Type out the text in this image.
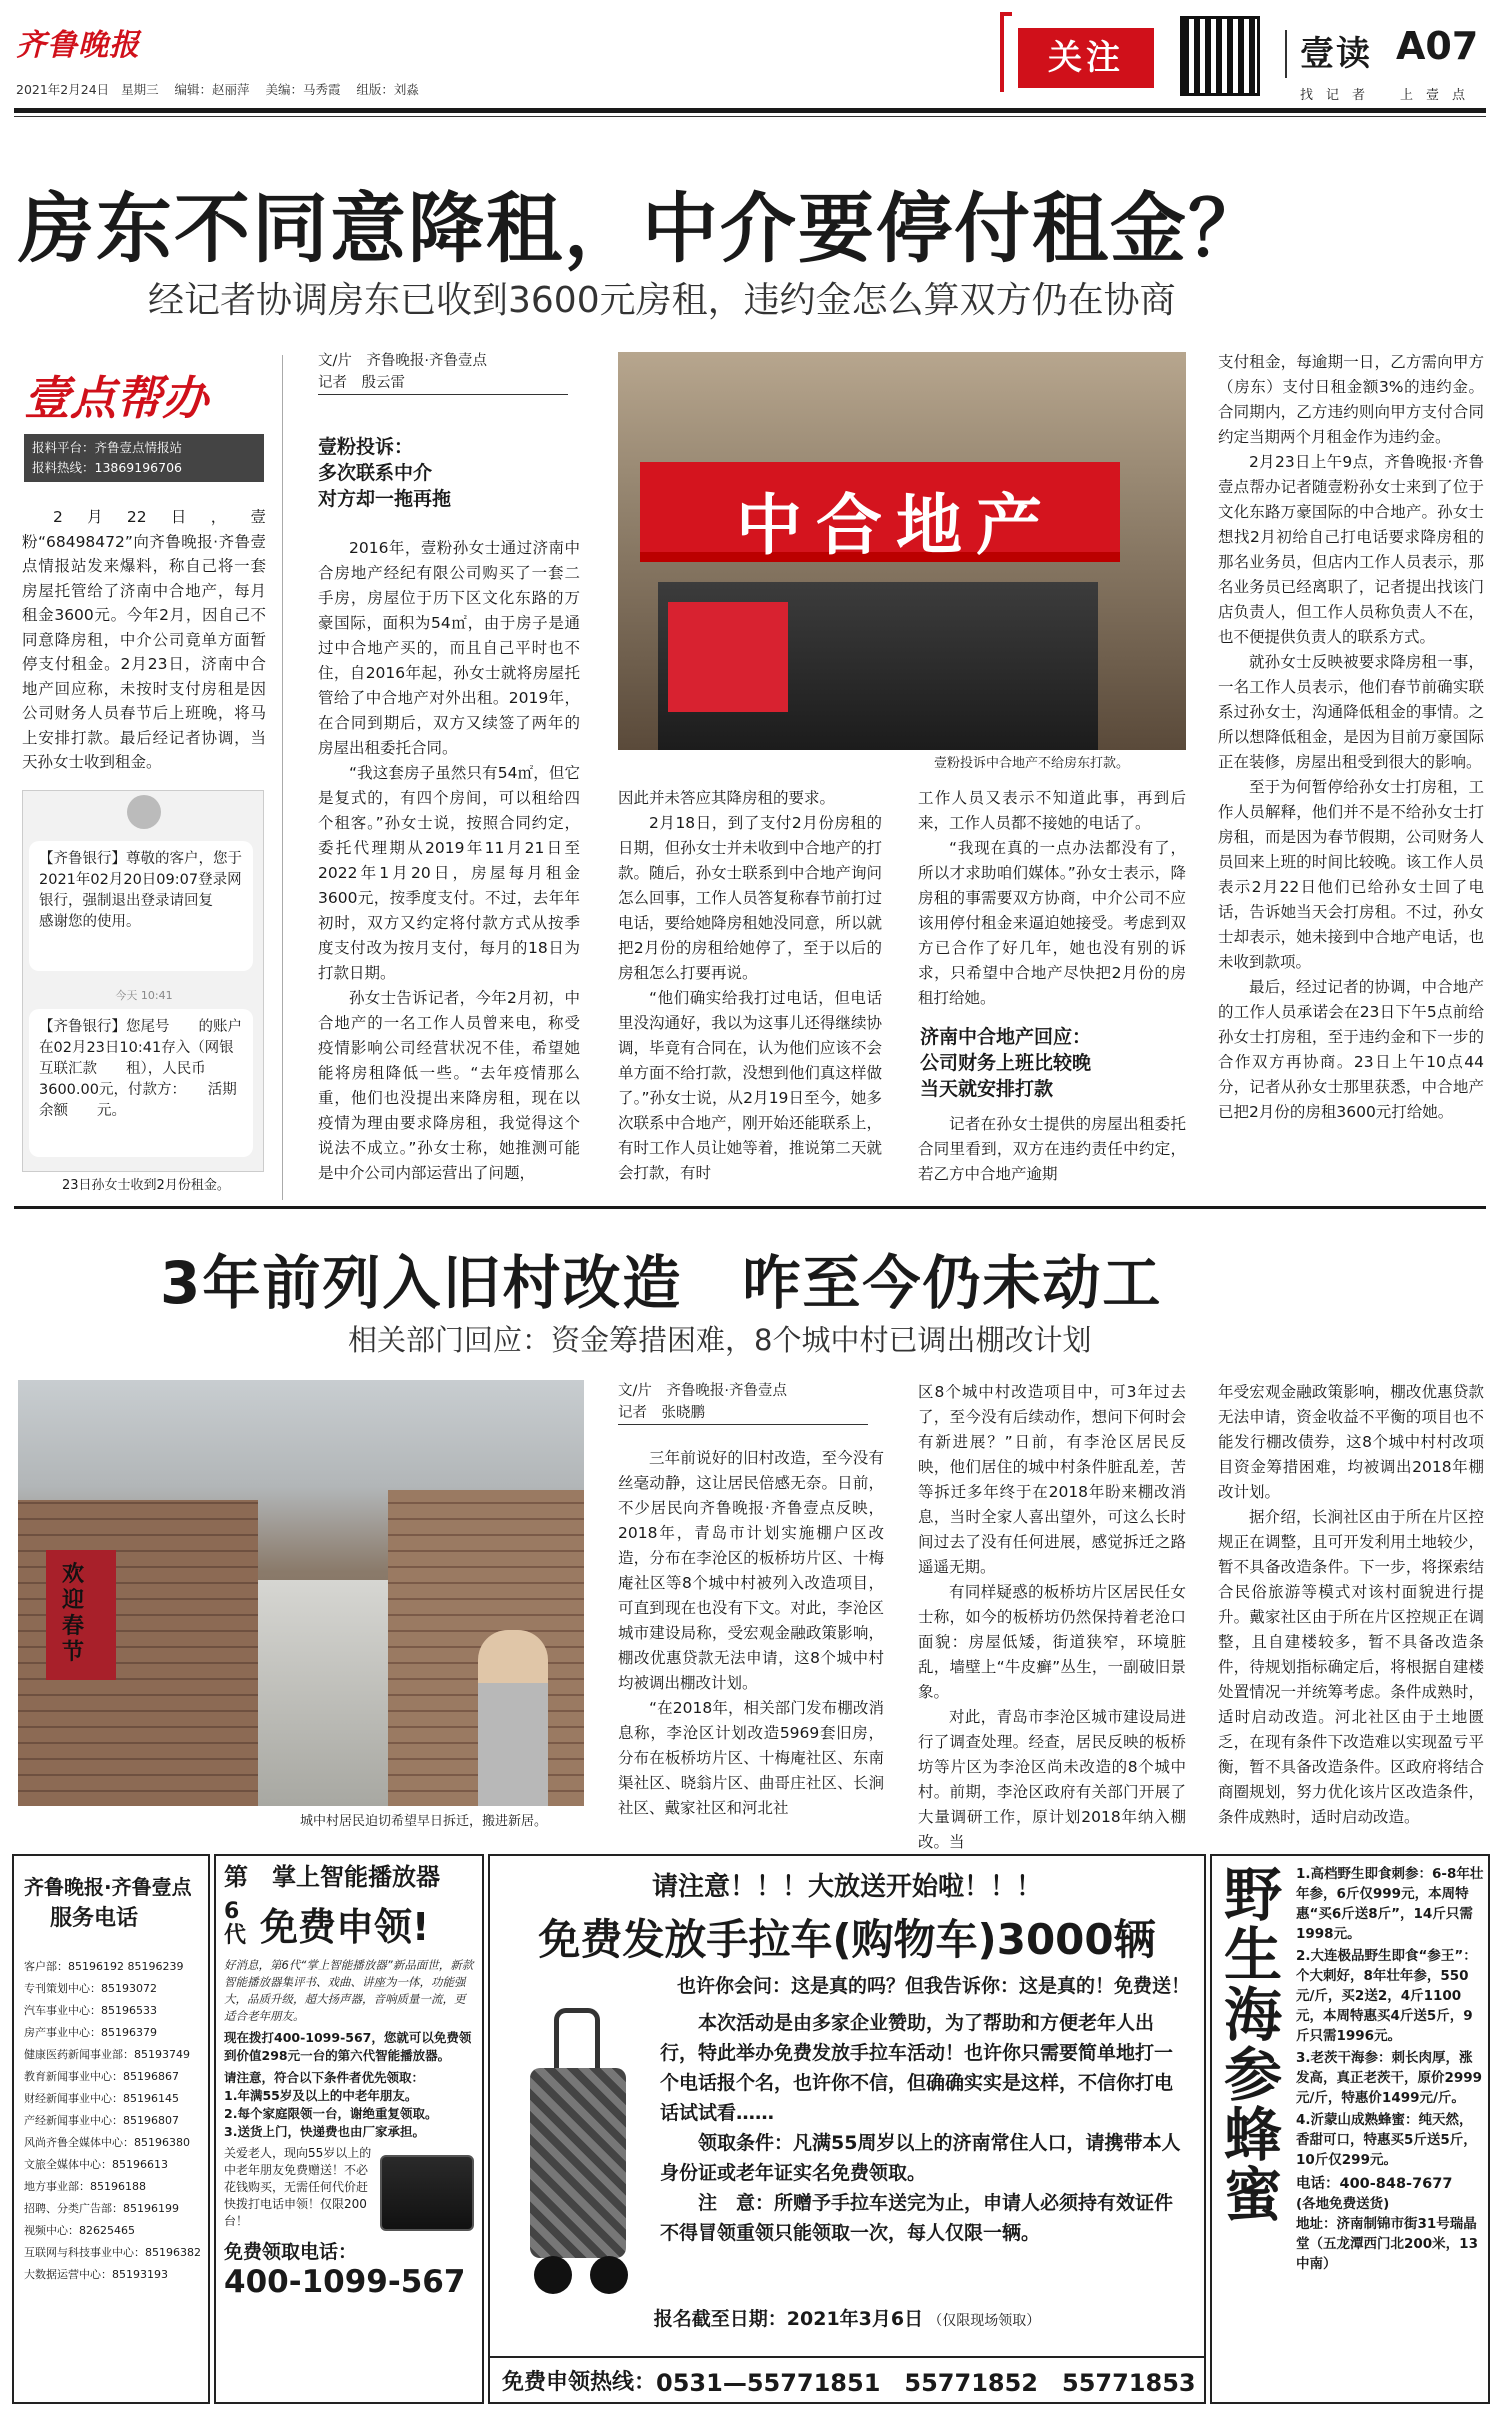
齐鲁晚报
2021年2月24日 星期三 编辑：赵丽萍 美编：马秀霞 组版：刘淼
关注	壹读 A07
找　记　者	上　壹　点
房东不同意降租，中介要停付租金？
经记者协调房东已收到3600元房租，违约金怎么算双方仍在协商
壹点帮办
报料平台：齐鲁壹点情报站
报料热线：13869196706
2月22日，壹粉“68498472”向齐鲁晚报·齐鲁壹点情报站发来爆料，称自己将一套房屋托管给了济南中合地产，每月租金3600元。今年2月，因自己不同意降房租，中介公司竟单方面暂停支付租金。2月23日，济南中合地产回应称，未按时支付房租是因公司财务人员春节后上班晚，将马上安排打款。最后经记者协调，当天孙女士收到租金。
【齐鲁银行】尊敬的客户，您于2021年02月20日09:07登录网银行，强制退出登录请回复　　感谢您的使用。
今天 10:41
【齐鲁银行】您尾号　　的账户在02月23日10:41存入（网银互联汇款　　租），人民币3600.00元，付款方：　　活期余额　　元。
23日孙女士收到2月份租金。
文/片　齐鲁晚报·齐鲁壹点
记者　殷云雷
壹粉投诉：
多次联系中介
对方却一拖再拖

2016年，壹粉孙女士通过济南中合房地产经纪有限公司购买了一套二手房，房屋位于历下区文化东路的万豪国际，面积为54㎡，由于房子是通过中合地产买的，而且自己平时也不住，自2016年起，孙女士就将房屋托管给了中合地产对外出租。2019年，在合同到期后，双方又续签了两年的房屋出租委托合同。

“我这套房子虽然只有54㎡，但它是复式的，有四个房间，可以租给四个租客。”孙女士说，按照合同约定，委托代理期从2019年11月21日至2022年1月20日，房屋每月租金3600元，按季度支付。不过，去年年初时，双方又约定将付款方式从按季度支付改为按月支付，每月的18日为打款日期。

孙女士告诉记者，今年2月初，中合地产的一名工作人员曾来电，称受疫情影响公司经营状况不佳，希望她能将房租降低一些。“去年疫情那么重，他们也没提出来降房租，现在以疫情为理由要求降房租，我觉得这个说法不成立。”孙女士称，她推测可能是中介公司内部运营出了问题，

中合地产
壹粉投诉中合地产不给房东打款。

因此并未答应其降房租的要求。

2月18日，到了支付2月份房租的日期，但孙女士并未收到中合地产的打款。随后，孙女士联系到中合地产询问怎么回事，工作人员答复称春节前打过电话，要给她降房租她没同意，所以就把2月份的房租给她停了，至于以后的房租怎么打要再说。

“他们确实给我打过电话，但电话里没沟通好，我以为这事儿还得继续协调，毕竟有合同在，认为他们应该不会单方面不给打款，没想到他们真这样做了。”孙女士说，从2月19日至今，她多次联系中合地产，刚开始还能联系上，有时工作人员让她等着，推说第二天就会打款，有时

工作人员又表示不知道此事，再到后来，工作人员都不接她的电话了。

“我现在真的一点办法都没有了，所以才求助咱们媒体。”孙女士表示，降房租的事需要双方协商，中介公司不应该用停付租金来逼迫她接受。考虑到双方已合作了好几年，她也没有别的诉求，只希望中合地产尽快把2月份的房租打给她。

济南中合地产回应：
公司财务上班比较晚
当天就安排打款

记者在孙女士提供的房屋出租委托合同里看到，双方在违约责任中约定，若乙方中合地产逾期

支付租金，每逾期一日，乙方需向甲方（房东）支付日租金额3%的违约金。合同期内，乙方违约则向甲方支付合同约定当期两个月租金作为违约金。

2月23日上午9点，齐鲁晚报·齐鲁壹点帮办记者随壹粉孙女士来到了位于文化东路万豪国际的中合地产。孙女士想找2月初给自己打电话要求降房租的那名业务员，但店内工作人员表示，那名业务员已经离职了，记者提出找该门店负责人，但工作人员称负责人不在，也不便提供负责人的联系方式。

就孙女士反映被要求降房租一事，一名工作人员表示，他们春节前确实联系过孙女士，沟通降低租金的事情。之所以想降低租金，是因为目前万豪国际正在装修，房屋出租受到很大的影响。

至于为何暂停给孙女士打房租，工作人员解释，他们并不是不给孙女士打房租，而是因为春节假期，公司财务人员回来上班的时间比较晚。该工作人员表示2月22日他们已给孙女士回了电话，告诉她当天会打房租。不过，孙女士却表示，她未接到中合地产电话，也未收到款项。

最后，经过记者的协调，中合地产的工作人员承诺会在23日下午5点前给孙女士打房租，至于违约金和下一步的合作双方再协商。23日上午10点44分，记者从孙女士那里获悉，中合地产已把2月份的房租3600元打给她。

3年前列入旧村改造　咋至今仍未动工
相关部门回应：资金筹措困难，8个城中村已调出棚改计划
欢迎春节
城中村居民迫切希望早日拆迁，搬进新居。
文/片　齐鲁晚报·齐鲁壹点
记者　张晓鹏

三年前说好的旧村改造，至今没有丝毫动静，这让居民倍感无奈。日前，不少居民向齐鲁晚报·齐鲁壹点反映，2018年，青岛市计划实施棚户区改造，分布在李沧区的板桥坊片区、十梅庵社区等8个城中村被列入改造项目，可直到现在也没有下文。对此，李沧区城市建设局称，受宏观金融政策影响，棚改优惠贷款无法申请，这8个城中村均被调出棚改计划。

“在2018年，相关部门发布棚改消息称，李沧区计划改造5969套旧房，分布在板桥坊片区、十梅庵社区、东南渠社区、晓翁片区、曲哥庄社区、长涧社区、戴家社区和河北社

区8个城中村改造项目中，可3年过去了，至今没有后续动作，想问下何时会有新进展？”日前，有李沧区居民反映，他们居住的城中村条件脏乱差，苦等拆迁多年终于在2018年盼来棚改消息，当时全家人喜出望外，可这么长时间过去了没有任何进展，感觉拆迁之路遥遥无期。

有同样疑惑的板桥坊片区居民任女士称，如今的板桥坊仍然保持着老沧口面貌：房屋低矮，街道狭窄，环境脏乱，墙壁上“牛皮癣”丛生，一副破旧景象。

对此，青岛市李沧区城市建设局进行了调查处理。经查，居民反映的板桥坊等片区为李沧区尚未改造的8个城中村。前期，李沧区政府有关部门开展了大量调研工作，原计划2018年纳入棚改。当

年受宏观金融政策影响，棚改优惠贷款无法申请，资金收益不平衡的项目也不能发行棚改债券，这8个城中村村改项目资金筹措困难，均被调出2018年棚改计划。

据介绍，长涧社区由于所在片区控规正在调整，且可开发利用土地较少，暂不具备改造条件。下一步，将探索结合民俗旅游等模式对该村面貌进行提升。戴家社区由于所在片区控规正在调整，且自建楼较多，暂不具备改造条件，待规划指标确定后，将根据自建楼处置情况一并统筹考虑。条件成熟时，适时启动改造。河北社区由于土地匮乏，在现有条件下改造难以实现盈亏平衡，暂不具备改造条件。区政府将结合商圈规划，努力优化该片区改造条件，条件成熟时，适时启动改造。

齐鲁晚报·齐鲁壹点
服务电话
客户部：85196192 85196239
专刊策划中心：85193072
汽车事业中心：85196533
房产事业中心：85196379
健康医药新闻事业部：85193749
教育新闻事业中心：85196867
财经新闻事业中心：85196145
产经新闻事业中心：85196807
风尚齐鲁全媒体中心：85196380
文旅全媒体中心：85196613
地方事业部：85196188
招聘、分类广告部：85196199
视频中心：82625465
互联网与科技事业中心：85196382
大数据运营中心：85193193
第　掌上智能播放器
6代 免费申领!
好消息，第6代“掌上智能播放器”新品面世，新款智能播放器集评书、戏曲、讲座为一体，功能强大，品质升级，超大扬声器，音响质量一流，更适合老年朋友。
现在拨打400-1099-567，您就可以免费领到价值298元一台的第六代智能播放器。
请注意，符合以下条件者优先领取：
1.年满55岁及以上的中老年朋友。
2.每个家庭限领一台，谢绝重复领取。
3.送货上门，快递费也由厂家承担。
关爱老人，现向55岁以上的中老年朋友免费赠送！不必花钱购买，无需任何代价赶快拨打电话申领！仅限200台！
免费领取电话：
400-1099-567
请注意！！！大放送开始啦！！！
免费发放手拉车(购物车)3000辆
也许你会问：这是真的吗？但我告诉你：这是真的！免费送！
本次活动是由多家企业赞助，为了帮助和方便老年人出行，特此举办免费发放手拉车活动！也许你只需要简单地打一个电话报个名，也许你不信，但确确实实是这样，不信你打电话试试看……
领取条件：凡满55周岁以上的济南常住人口，请携带本人身份证或老年证实名免费领取。
注　意：所赠予手拉车送完为止，申请人必须持有效证件不得冒领重领只能领取一次，每人仅限一辆。
报名截至日期：2021年3月6日 （仅限现场领取）
免费申领热线： 0531—55771851　55771852　55771853
野生海参蜂蜜 1.高档野生即食刺参：6-8年壮年参，6斤仅999元，本周特惠“买6斤送8斤”，14斤只需1998元。
2.大连极品野生即食“参王”：个大刺好，8年壮年参，550元/斤，买2送2，4斤1100元，本周特惠买4斤送5斤，9斤只需1996元。
3.老茨干海参：刺长肉厚，涨发高，真正老茨干，原价2999元/斤，特惠价1499元/斤。
4.沂蒙山成熟蜂蜜：纯天然，香甜可口，特惠买5斤送5斤，10斤仅299元。
电话：400-848-7677
(各地免费送货)
地址：济南制锦市街31号瑞晶堂（五龙潭西门北200米，13中南）
